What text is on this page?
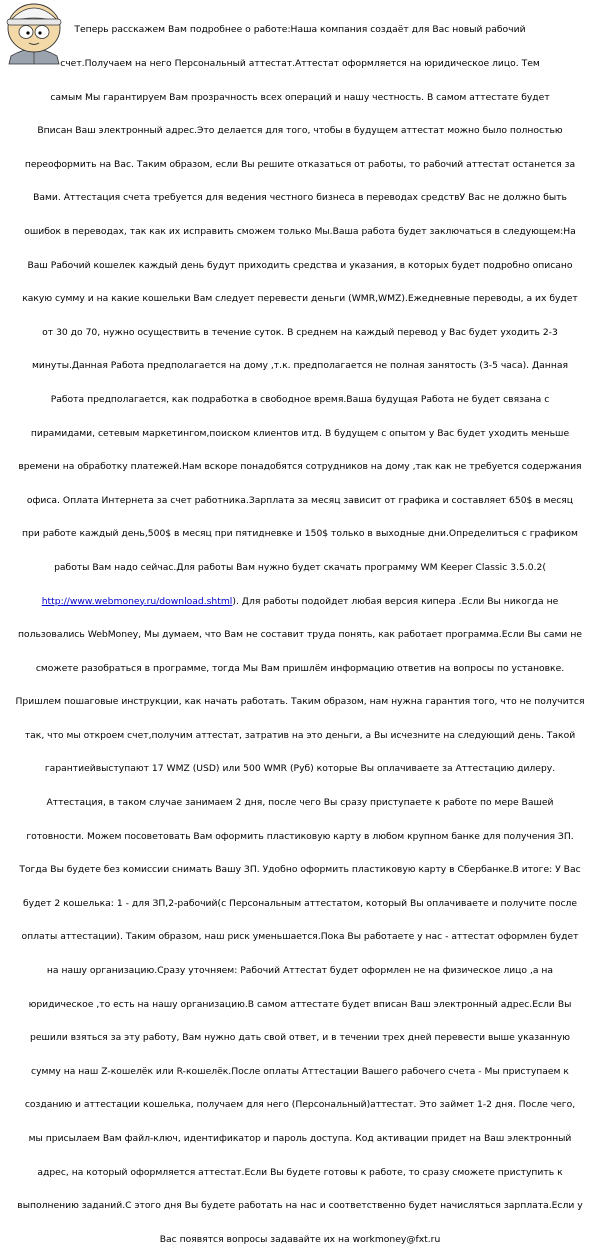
Теперь расскажем Вам подробнее о работе:Наша компания создаёт для Вас новый рабочий

счет.Получаем на него Персональный аттестат.Аттестат оформляется на юридическое лицо. Тем

самым Мы гарантируем Вам прозрачность всех операций и нашу честность. В самом аттестате будет

Вписан Ваш электронный адрес.Это делается для того, чтобы в будущем аттестат можно было полностью

переоформить на Вас. Таким образом, если Вы решите отказаться от работы, то рабочий аттестат останется за

Вами. Аттестация счета требуется для ведения честного бизнеса в переводах средствУ Вас не должно быть

ошибок в переводах, так как их исправить сможем только Мы.Ваша работа будет заключаться в следующем:На

Ваш Рабочий кошелек каждый день будут приходить средства и указания, в которых будет подробно описано

какую сумму и на какие кошельки Вам следует перевести деньги (WMR,WMZ).Ежедневные переводы, а их будет

от 30 до 70, нужно осуществить в течение суток. В среднем на каждый перевод у Вас будет уходить 2-3

минуты.Данная Работа предполагается на дому ,т.к. предполагается не полная занятость (3-5 часа). Данная

Работа предполагается, как подработка в свободное время.Ваша будущая Работа не будет связана с

пирамидами, сетевым маркетингом,поиском клиентов итд. В будущем с опытом у Вас будет уходить меньше

времени на обработку платежей.Нам вскоре понадобятся сотрудников на дому ,так как не требуется содержания

офиса. Оплата Интернета за счет работника.Зарплата за месяц зависит от графика и составляет 650$ в месяц

при работе каждый день,500$ в месяц при пятидневке и 150$ только в выходные дни.Определиться с графиком

работы Вам надо сейчас.Для работы Вам нужно будет скачать программу WM Keeper Classic 3.5.0.2(

http://www.webmoney.ru/download.shtml). Для работы подойдет любая версия кипера .Если Вы никогда не

пользовались WebMoney, Мы думаем, что Вам не составит труда понять, как работает программа.Если Вы сами не

сможете разобраться в программе, тогда Мы Вам пришлём информацию ответив на вопросы по установке.

Пришлем пошаговые инструкции, как начать работать. Таким образом, нам нужна гарантия того, что не получится

так, что мы откроем счет,получим аттестат, затратив на это деньги, а Вы исчезните на следующий день. Такой

гарантиейвыступают 17 WMZ (USD) или 500 WMR (Руб) которые Вы оплачиваете за Аттестацию дилеру.

Аттестация, в таком случае занимаем 2 дня, после чего Вы сразу приступаете к работе по мере Вашей

готовности. Можем посоветовать Вам оформить пластиковую карту в любом крупном банке для получения ЗП.

Тогда Вы будете без комиссии снимать Вашу ЗП. Удобно оформить пластиковую карту в Сбербанке.В итоге: У Вас

будет 2 кошелька: 1 - для ЗП,2-рабочий(с Персональным аттестатом, который Вы оплачиваете и получите после

оплаты аттестации). Таким образом, наш риск уменьшается.Пока Вы работаете у нас - аттестат оформлен будет

на нашу организацию.Сразу уточняем: Рабочий Аттестат будет оформлен не на физическое лицо ,а на

юридическое ,то есть на нашу организацию.В самом аттестате будет вписан Ваш электронный адрес.Если Вы

решили взяться за эту работу, Вам нужно дать свой ответ, и в течении трех дней перевести выше указанную

сумму на наш Z-кошелёк или R-кошелёк.После оплаты Аттестации Вашего рабочего счета - Мы приступаем к

созданию и аттестации кошелька, получаем для него (Персональный)аттестат. Это займет 1-2 дня. После чего,

мы присылаем Вам файл-ключ, идентификатор и пароль доступа. Код активации придет на Ваш электронный

адрес, на который оформляется аттестат.Если Вы будете готовы к работе, то сразу сможете приступить к

выполнению заданий.С этого дня Вы будете работать на нас и соответственно будет начисляться зарплата.Если у

Вас появятся вопросы задавайте их на workmoney@fxt.ru
